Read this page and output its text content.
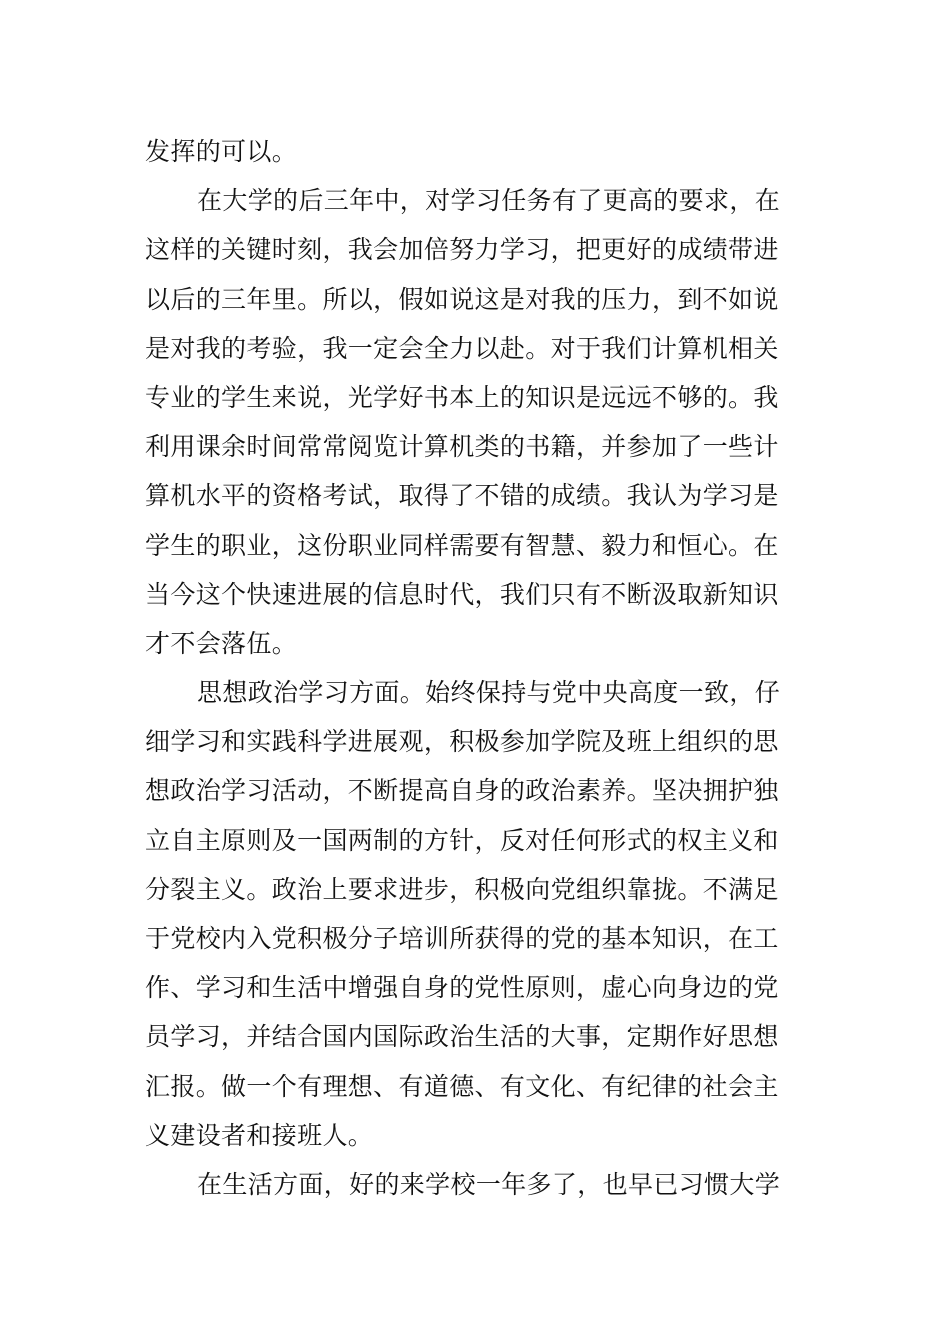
发挥的可以。
在大学的后三年中，对学习任务有了更高的要求，在
这样的关键时刻，我会加倍努力学习，把更好的成绩带进
以后的三年里。所以，假如说这是对我的压力，到不如说
是对我的考验，我一定会全力以赴。对于我们计算机相关
专业的学生来说，光学好书本上的知识是远远不够的。我
利用课余时间常常阅览计算机类的书籍，并参加了一些计
算机水平的资格考试，取得了不错的成绩。我认为学习是
学生的职业，这份职业同样需要有智慧、毅力和恒心。在
当今这个快速进展的信息时代，我们只有不断汲取新知识
才不会落伍。
思想政治学习方面。始终保持与党中央高度一致，仔
细学习和实践科学进展观，积极参加学院及班上组织的思
想政治学习活动，不断提高自身的政治素养。坚决拥护独
立自主原则及一国两制的方针，反对任何形式的权主义和
分裂主义。政治上要求进步，积极向党组织靠拢。不满足
于党校内入党积极分子培训所获得的党的基本知识，在工
作、学习和生活中增强自身的党性原则，虚心向身边的党
员学习，并结合国内国际政治生活的大事，定期作好思想
汇报。做一个有理想、有道德、有文化、有纪律的社会主
义建设者和接班人。
在生活方面，好的来学校一年多了，也早已习惯大学
